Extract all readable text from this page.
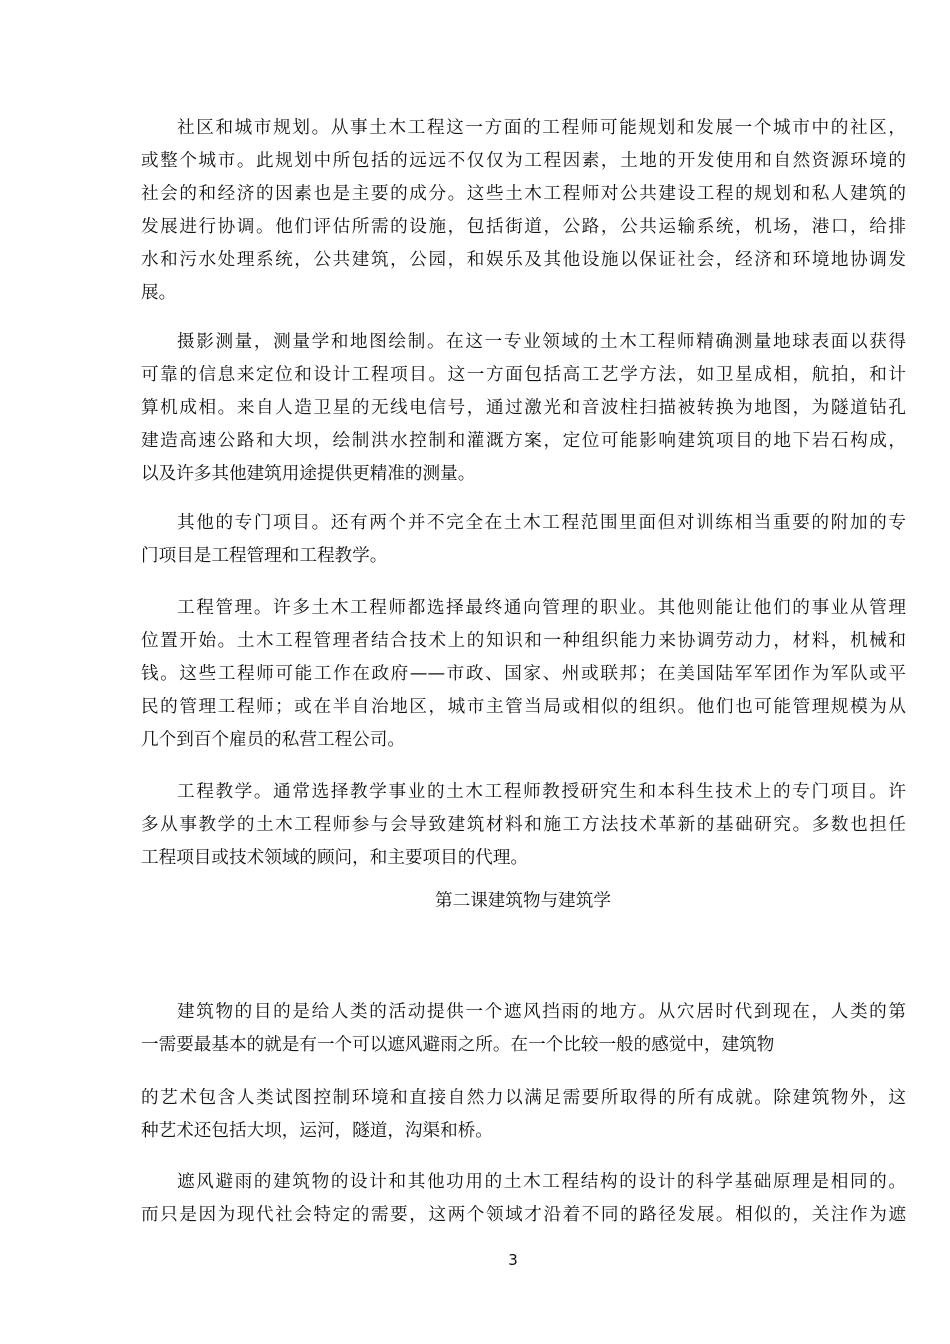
社区和城市规划。从事土木工程这一方面的工程师可能规划和发展一个城市中的社区，
或整个城市。此规划中所包括的远远不仅仅为工程因素，土地的开发使用和自然资源环境的
社会的和经济的因素也是主要的成分。这些土木工程师对公共建设工程的规划和私人建筑的
发展进行协调。他们评估所需的设施，包括街道，公路，公共运输系统，机场，港口，给排
水和污水处理系统，公共建筑，公园，和娱乐及其他设施以保证社会，经济和环境地协调发
展。
摄影测量，测量学和地图绘制。在这一专业领域的土木工程师精确测量地球表面以获得
可靠的信息来定位和设计工程项目。这一方面包括高工艺学方法，如卫星成相，航拍，和计
算机成相。来自人造卫星的无线电信号，通过激光和音波柱扫描被转换为地图，为隧道钻孔
建造高速公路和大坝，绘制洪水控制和灌溉方案，定位可能影响建筑项目的地下岩石构成，
以及许多其他建筑用途提供更精准的测量。
其他的专门项目。还有两个并不完全在土木工程范围里面但对训练相当重要的附加的专
门项目是工程管理和工程教学。
工程管理。许多土木工程师都选择最终通向管理的职业。其他则能让他们的事业从管理
位置开始。土木工程管理者结合技术上的知识和一种组织能力来协调劳动力，材料，机械和
钱。这些工程师可能工作在政府——市政、国家、州或联邦；在美国陆军军团作为军队或平
民的管理工程师；或在半自治地区，城市主管当局或相似的组织。他们也可能管理规模为从
几个到百个雇员的私营工程公司。
工程教学。通常选择教学事业的土木工程师教授研究生和本科生技术上的专门项目。许
多从事教学的土木工程师参与会导致建筑材料和施工方法技术革新的基础研究。多数也担任
工程项目或技术领域的顾问，和主要项目的代理。
第二课建筑物与建筑学
建筑物的目的是给人类的活动提供一个遮风挡雨的地方。从穴居时代到现在，人类的第
一需要最基本的就是有一个可以遮风避雨之所。在一个比较一般的感觉中，建筑物
的艺术包含人类试图控制环境和直接自然力以满足需要所取得的所有成就。除建筑物外，这
种艺术还包括大坝，运河，隧道，沟渠和桥。
遮风避雨的建筑物的设计和其他功用的土木工程结构的设计的科学基础原理是相同的。
而只是因为现代社会特定的需要，这两个领域才沿着不同的路径发展。相似的，关注作为遮
3
